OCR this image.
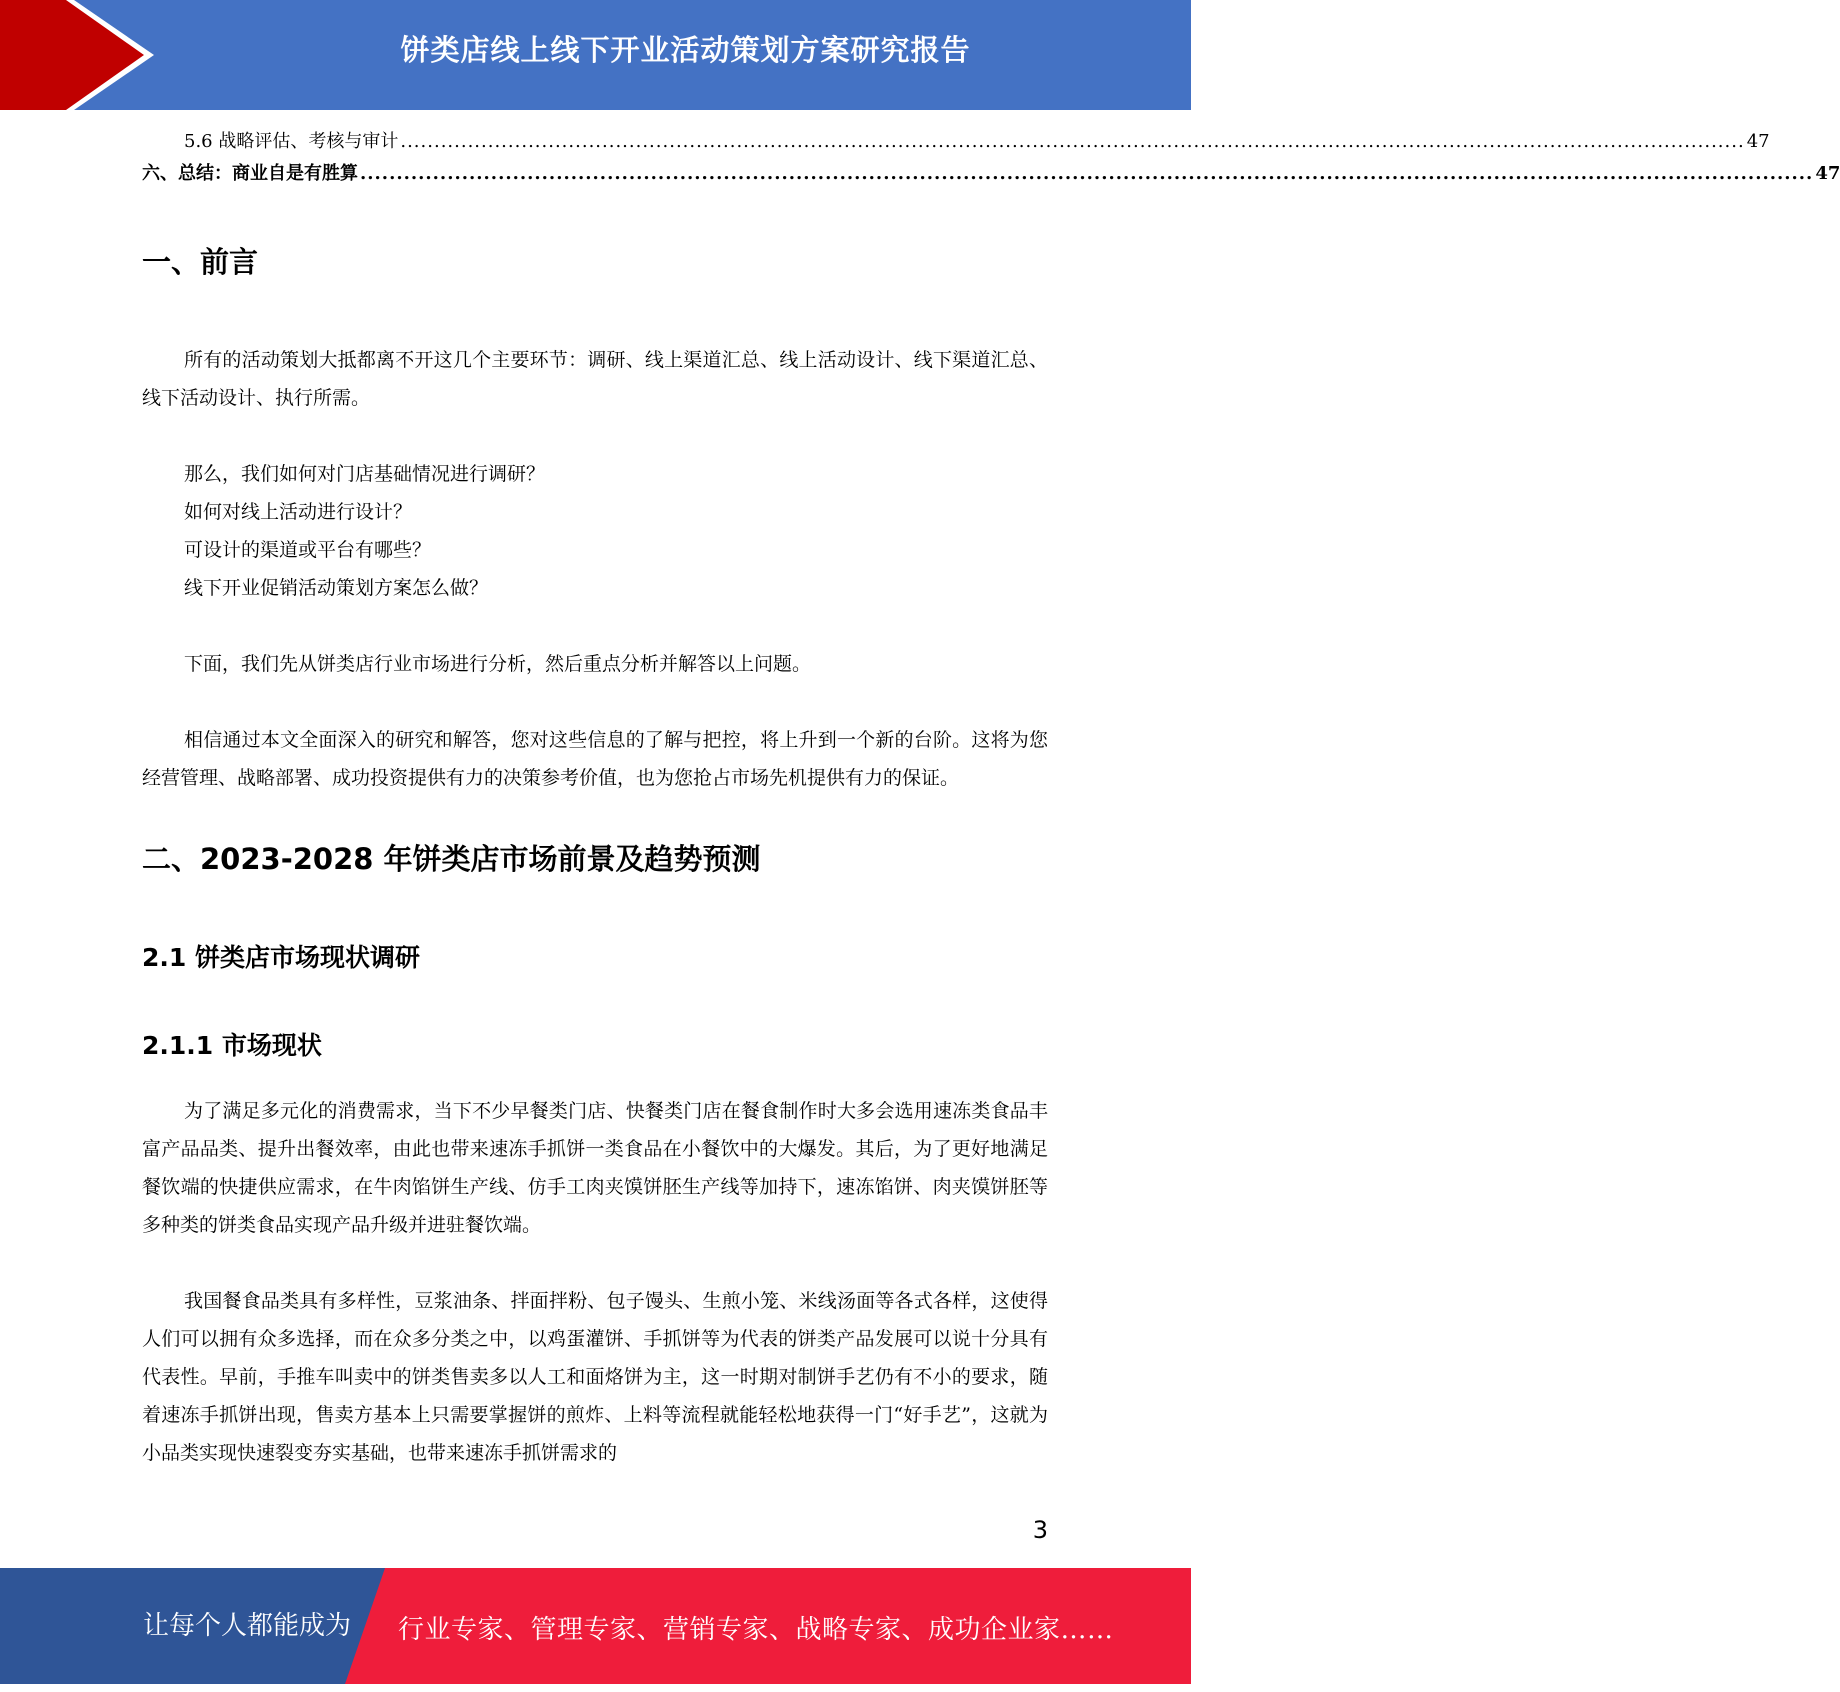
饼类店线上线下开业活动策划方案研究报告
5.6 战略评估、考核与审计 ........................................................................................................................................................................................................ 47
六、总结：商业自是有胜算 ........................................................................................................................................................................................................ 47
一、前言

所有的活动策划大抵都离不开这几个主要环节：调研、线上渠道汇总、线上活动设计、线下渠道汇总、线下活动设计、执行所需。

那么，我们如何对门店基础情况进行调研？

如何对线上活动进行设计？

可设计的渠道或平台有哪些？

线下开业促销活动策划方案怎么做？

下面，我们先从饼类店行业市场进行分析，然后重点分析并解答以上问题。

相信通过本文全面深入的研究和解答，您对这些信息的了解与把控，将上升到一个新的台阶。这将为您经营管理、战略部署、成功投资提供有力的决策参考价值，也为您抢占市场先机提供有力的保证。

二、2023-2028 年饼类店市场前景及趋势预测
2.1 饼类店市场现状调研
2.1.1 市场现状

为了满足多元化的消费需求，当下不少早餐类门店、快餐类门店在餐食制作时大多会选用速冻类食品丰富产品品类、提升出餐效率，由此也带来速冻手抓饼一类食品在小餐饮中的大爆发。其后，为了更好地满足餐饮端的快捷供应需求，在牛肉馅饼生产线、仿手工肉夹馍饼胚生产线等加持下，速冻馅饼、肉夹馍饼胚等多种类的饼类食品实现产品升级并进驻餐饮端。

我国餐食品类具有多样性，豆浆油条、拌面拌粉、包子馒头、生煎小笼、米线汤面等各式各样，这使得人们可以拥有众多选择，而在众多分类之中，以鸡蛋灌饼、手抓饼等为代表的饼类产品发展可以说十分具有代表性。早前，手推车叫卖中的饼类售卖多以人工和面烙饼为主，这一时期对制饼手艺仍有不小的要求，随着速冻手抓饼出现，售卖方基本上只需要掌握饼的煎炸、上料等流程就能轻松地获得一门“好手艺”，这就为小品类实现快速裂变夯实基础，也带来速冻手抓饼需求的

3
让每个人都能成为 行业专家、管理专家、营销专家、战略专家、成功企业家……
